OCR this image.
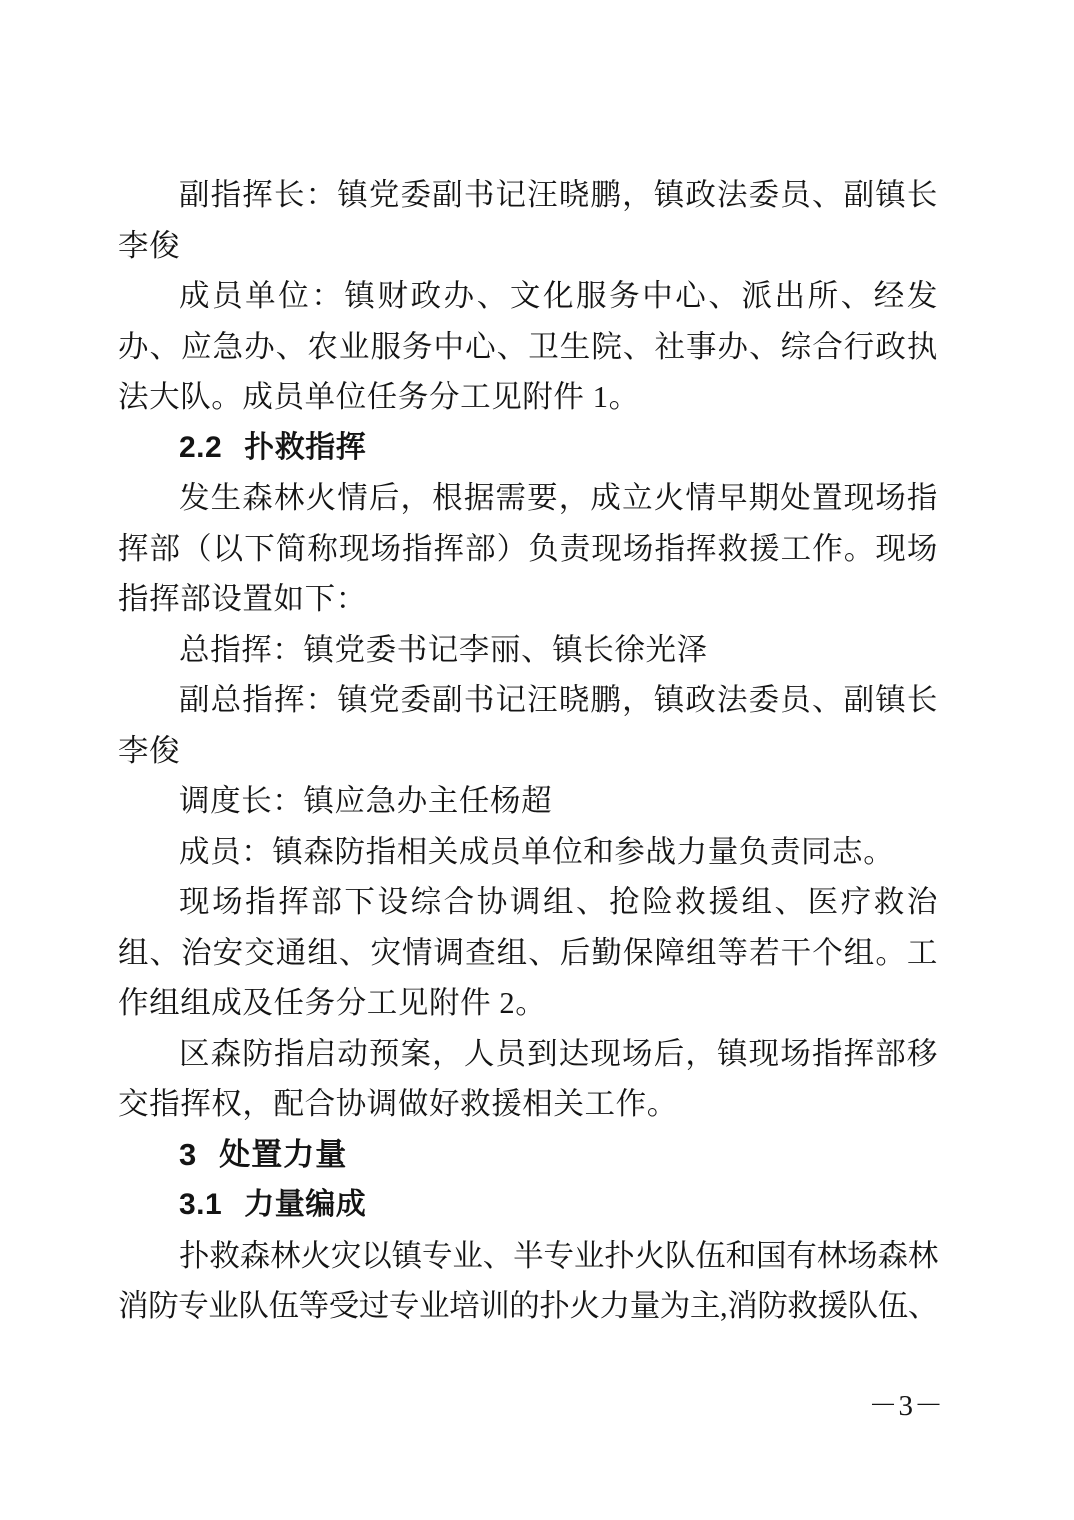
副指挥长：镇党委副书记汪晓鹏，镇政法委员、副镇长李俊

成员单位：镇财政办、文化服务中心、派出所、经发办、应急办、农业服务中心、卫生院、社事办、综合行政执法大队。成员单位任务分工见附件 1。

2.2 扑救指挥

发生森林火情后，根据需要，成立火情早期处置现场指挥部（以下简称现场指挥部）负责现场指挥救援工作。现场指挥部设置如下：

总指挥：镇党委书记李丽、镇长徐光泽

副总指挥：镇党委副书记汪晓鹏，镇政法委员、副镇长李俊

调度长：镇应急办主任杨超

成员：镇森防指相关成员单位和参战力量负责同志。

现场指挥部下设综合协调组、抢险救援组、医疗救治组、治安交通组、灾情调查组、后勤保障组等若干个组。工作组组成及任务分工见附件 2。

区森防指启动预案，人员到达现场后，镇现场指挥部移交指挥权，配合协调做好救援相关工作。

3 处置力量

3.1 力量编成

扑救森林火灾以镇专业、半专业扑火队伍和国有林场森林消防专业队伍等受过专业培训的扑火力量为主,消防救援队伍、

－3－
